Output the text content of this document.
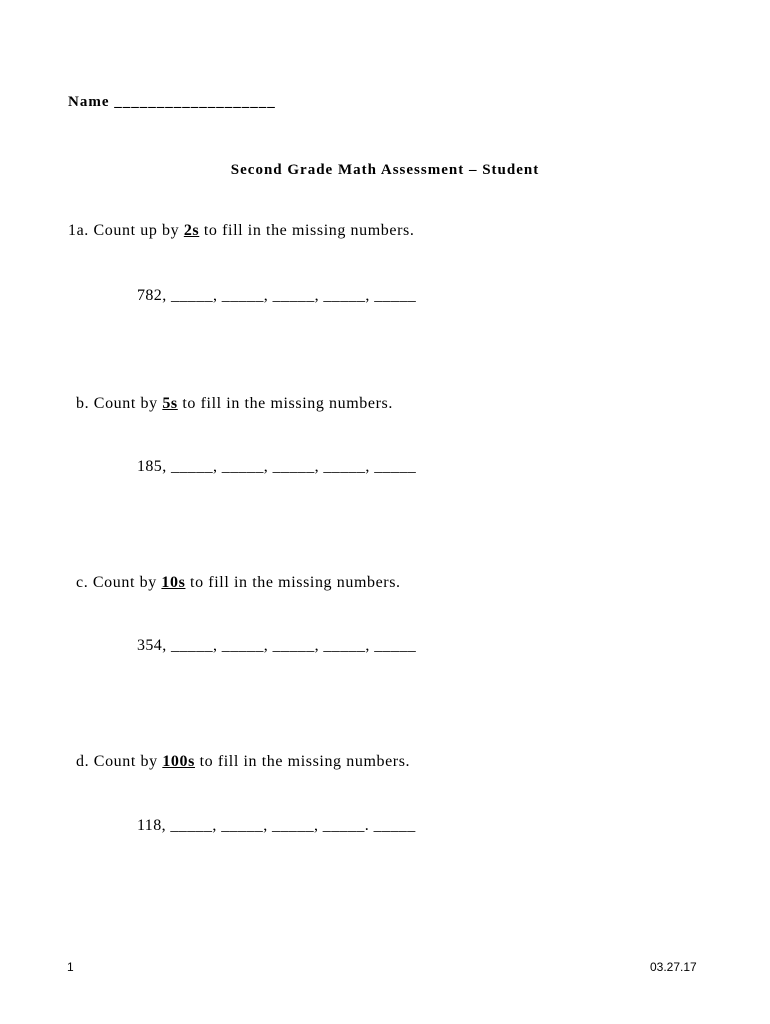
Name ___________________
Second Grade Math Assessment – Student
1a. Count up by 2s to fill in the missing numbers.
782, _____, _____, _____, _____, _____
b. Count by 5s to fill in the missing numbers.
185, _____, _____, _____, _____, _____
c. Count by 10s to fill in the missing numbers.
354, _____, _____, _____, _____, _____
d. Count by 100s to fill in the missing numbers.
118, _____, _____, _____, _____. _____
1	03.27.17
